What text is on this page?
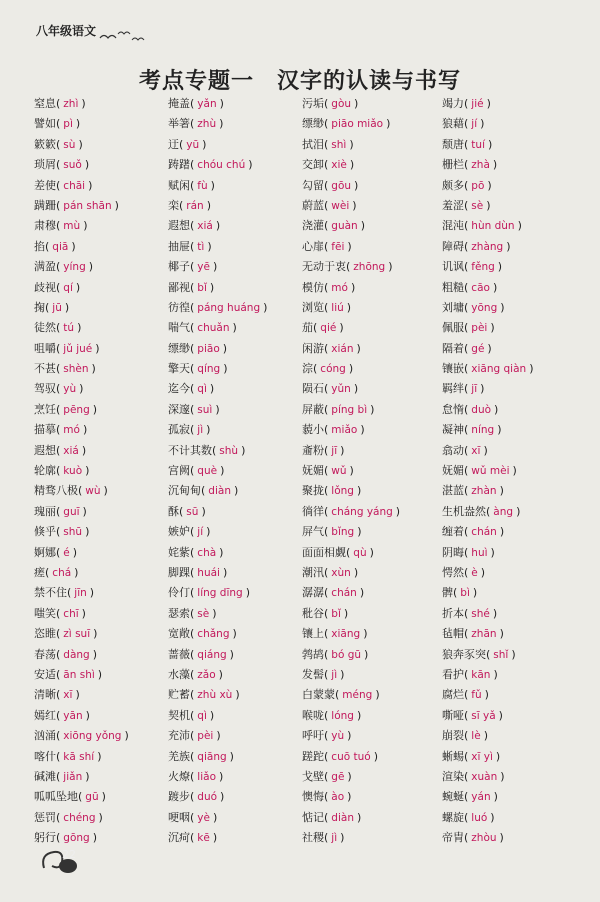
八年级语文
考点专题一　汉字的认读与书写
窒息( zhì )	掩盖( yǎn )	污垢( gòu )	竭力( jié )
譬如( pì )	举箸( zhù )	缥缈( piāo miǎo )	狼藉( jí )
簌簌( sù )	迂( yū )	拭泪( shì )	颓唐( tuí )
琐屑( suǒ )	踌躇( chóu chú )	交卸( xiè )	栅栏( zhà )
差使( chāi )	赋闲( fù )	勾留( gōu )	颇多( pō )
蹒跚( pán shān )	栾( rán )	蔚蓝( wèi )	羞涩( sè )
肃穆( mù )	遐想( xiá )	浇灌( guàn )	混沌( hùn dùn )
掐( qiā )	抽屉( tì )	心扉( fēi )	障碍( zhàng )
满盈( yíng )	椰子( yē )	无动于衷( zhōng )	讥讽( fěng )
歧视( qí )	鄙视( bǐ )	模仿( mó )	粗糙( cāo )
掬( jū )	彷徨( páng huáng )	浏览( liú )	刘墉( yōng )
徒然( tú )	喘气( chuǎn )	茄( qié )	佩服( pèi )
咀嚼( jǔ jué )	缥缈( piāo )	闲游( xián )	隔着( gé )
不甚( shèn )	擎天( qíng )	淙( cóng )	镶嵌( xiāng qiàn )
驾驭( yù )	迄今( qì )	陨石( yǔn )	羁绊( jī )
烹饪( pēng )	深邃( suì )	屏蔽( píng bì )	怠惰( duò )
描摹( mó )	孤寂( jì )	藐小( miǎo )	凝神( níng )
遐想( xiá )	不计其数( shù )	齑粉( jī )	翕动( xī )
轮廓( kuò )	宫阙( què )	妩媚( wǔ )	妩媚( wǔ mèi )
精骛八极( wù )	沉甸甸( diàn )	聚拢( lǒng )	湛蓝( zhàn )
瑰丽( guī )	酥( sū )	徜徉( cháng yáng )	生机盎然( àng )
倏乎( shū )	嫉妒( jí )	屏气( bǐng )	缠着( chán )
婀娜( é )	姹紫( chà )	面面相觑( qù )	阴晦( huì )
瘥( chá )	脚踝( huái )	潮汛( xùn )	愕然( è )
禁不住( jīn )	伶仃( líng dīng )	潺潺( chán )	髀( bì )
嗤笑( chī )	瑟索( sè )	秕谷( bǐ )	折本( shé )
恣睢( zì suī )	宽敞( chǎng )	镶上( xiāng )	毡帽( zhān )
春荡( dàng )	蔷薇( qiáng )	鹁鸪( bó gū )	狼奔豕突( shǐ )
安适( ān shì )	水藻( zǎo )	发髻( jì )	看护( kān )
清晰( xī )	贮蓄( zhù xù )	白蒙蒙( méng )	腐烂( fǔ )
嫣红( yān )	契机( qì )	喉咙( lóng )	嘶哑( sī yǎ )
汹涌( xiōng yǒng )	充沛( pèi )	呼吁( yù )	崩裂( lè )
喀什( kā shí )	羌族( qiāng )	蹉跎( cuō tuó )	蜥蜴( xī yì )
碱滩( jiǎn )	火燎( liǎo )	戈壁( gē )	渲染( xuàn )
呱呱坠地( gū )	踱步( duó )	懊悔( ào )	蜿蜒( yán )
惩罚( chéng )	哽咽( yè )	惦记( diàn )	螺旋( luó )
躬行( gōng )	沉疴( kē )	社稷( jì )	帝胄( zhòu )
22
